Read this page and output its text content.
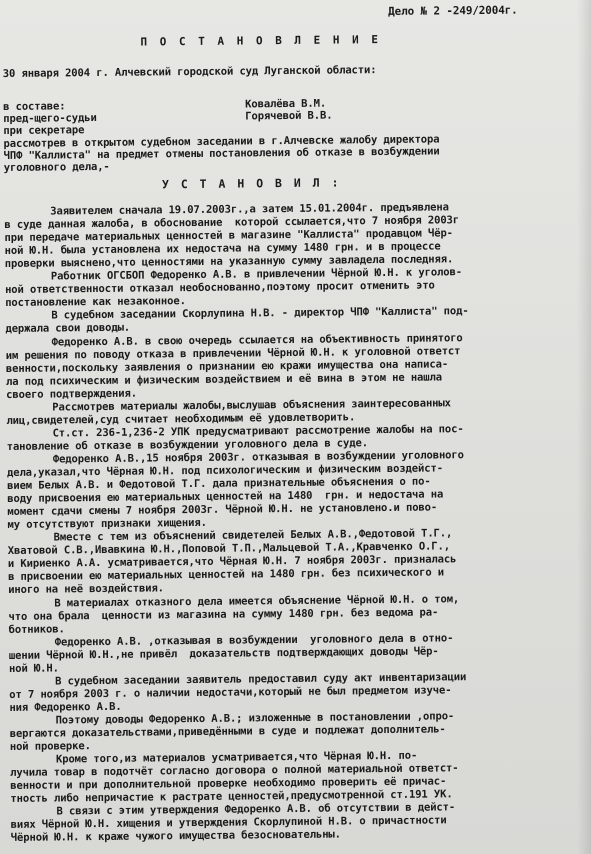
Дело № 2 -249/2004г.
П О С Т А Н О В Л Е Н И Е
30 января 2004 г. Алчевский городской суд Луганской области:
в составе:
пред-щего-судьи
при секретаре
Ковалёва В.М.
Горячевой В.В.
рассмотрев в открытом судебном заседании в г.Алчевске жалобу директора
ЧПФ "Каллиста" на предмет отмены постановления об отказе в возбуждении
уголовного дела,-
У С Т А Н О В И Л :
Заявителем сначала 19.07.2003г.,а затем 15.01.2004г. предъявлена
в суде данная жалоба, в обоснование  которой ссылается,что 7 ноября 2003г
при передаче материальных ценностей в магазине "Каллиста" продавцом Чёр-
ной Ю.Н. была установлена их недостача на сумму 1480 грн. и в процессе
проверки выяснено,что ценностями на указанную сумму завладела последняя.
Работник ОГСБОП Федоренко А.В. в привлечении Чёрной Ю.Н. к уголов-
ной ответственности отказал необоснованно,поэтому просит отменить это
постановление как незаконное.
В судебном заседании Скорлупина Н.В. - директор ЧПФ "Каллиста" под-
держала свои доводы.
Федоренко А.В. в свою очередь ссылается на объективность принятого
им решения по поводу отказа в привлечении Чёрной Ю.Н. к уголовной ответст
венности,поскольку заявления о признании ею кражи имущества она написа-
ла под психическим и физическим воздействием и её вина в этом не нашла
своего подтверждения.
Рассмотрев материалы жалобы,выслушав объяснения заинтересованных
лиц,свидетелей,суд считает необходимым её удовлетворить.
Ст.ст. 236-1,236-2 УПК предусматривают рассмотрение жалобы на пос-
тановление об отказе в возбуждении уголовного дела в суде.
Федоренко А.В.,15 ноября 2003г. отказывая в возбуждении уголовного
дела,указал,что Чёрная Ю.Н. под психологическим и физическим воздейст-
вием Белых А.В. и Федотовой Т.Г. дала признательные объяснения о по-
воду присвоения ею материальных ценностей на 1480  грн. и недостача на
момент сдачи смены 7 ноября 2003г. Чёрной Ю.Н. не установлено.и пово-
му отсутствуют признаки хищения.
Вместе с тем из объяснений свидетелей Белых А.В.,Федотовой Т.Г.,
Хватовой С.В.,Ивавкина Ю.Н.,Поповой Т.П.,Мальцевой Т.А.,Кравченко О.Г.,
и Кириенко А.А. усматривается,что Чёрная Ю.Н. 7 ноября 2003г. призналась
в присвоении ею материальных ценностей на 1480 грн. без психического и
иного на неё воздействия.
В материалах отказного дела имеется объяснение Чёрной Ю.Н. о том,
что она брала  ценности из магазина на сумму 1480 грн. без ведома ра-
ботников.
Федоренко А.В. ,отказывая в возбуждении  уголовного дела в отно-
шении Чёрной Ю.Н.,не привёл  доказательств подтверждающих доводы Чёр-
ной Ю.Н.
В судебном заседании заявитель предоставил суду акт инвентаризации
от 7 ноября 2003 г. о наличии недостачи,который не был предметом изуче-
ния Федоренко А.В.
Поэтому доводы Федоренко А.В.; изложенные в постановлении ,опро-
вергаются доказательствами,приведёнными в суде и подлежат дополнитель-
ной проверке.
Кроме того,из материалов усматривается,что Чёрная Ю.Н. по-
лучила товар в подотчёт согласно договора о полной материальной ответст-
венности и при дополнительной проверке необходимо проверить её причас-
тность либо непричастие к растрате ценностей,предусмотренной ст.191 УК.
В связи с этим утверждения Федоренко А.В. об отсутствии в дейст-
виях Чёрной Ю.Н. хищения и утверждения Скорлупиной Н.В. о причастности
Чёрной Ю.Н. к краже чужого имущества безосновательны.
